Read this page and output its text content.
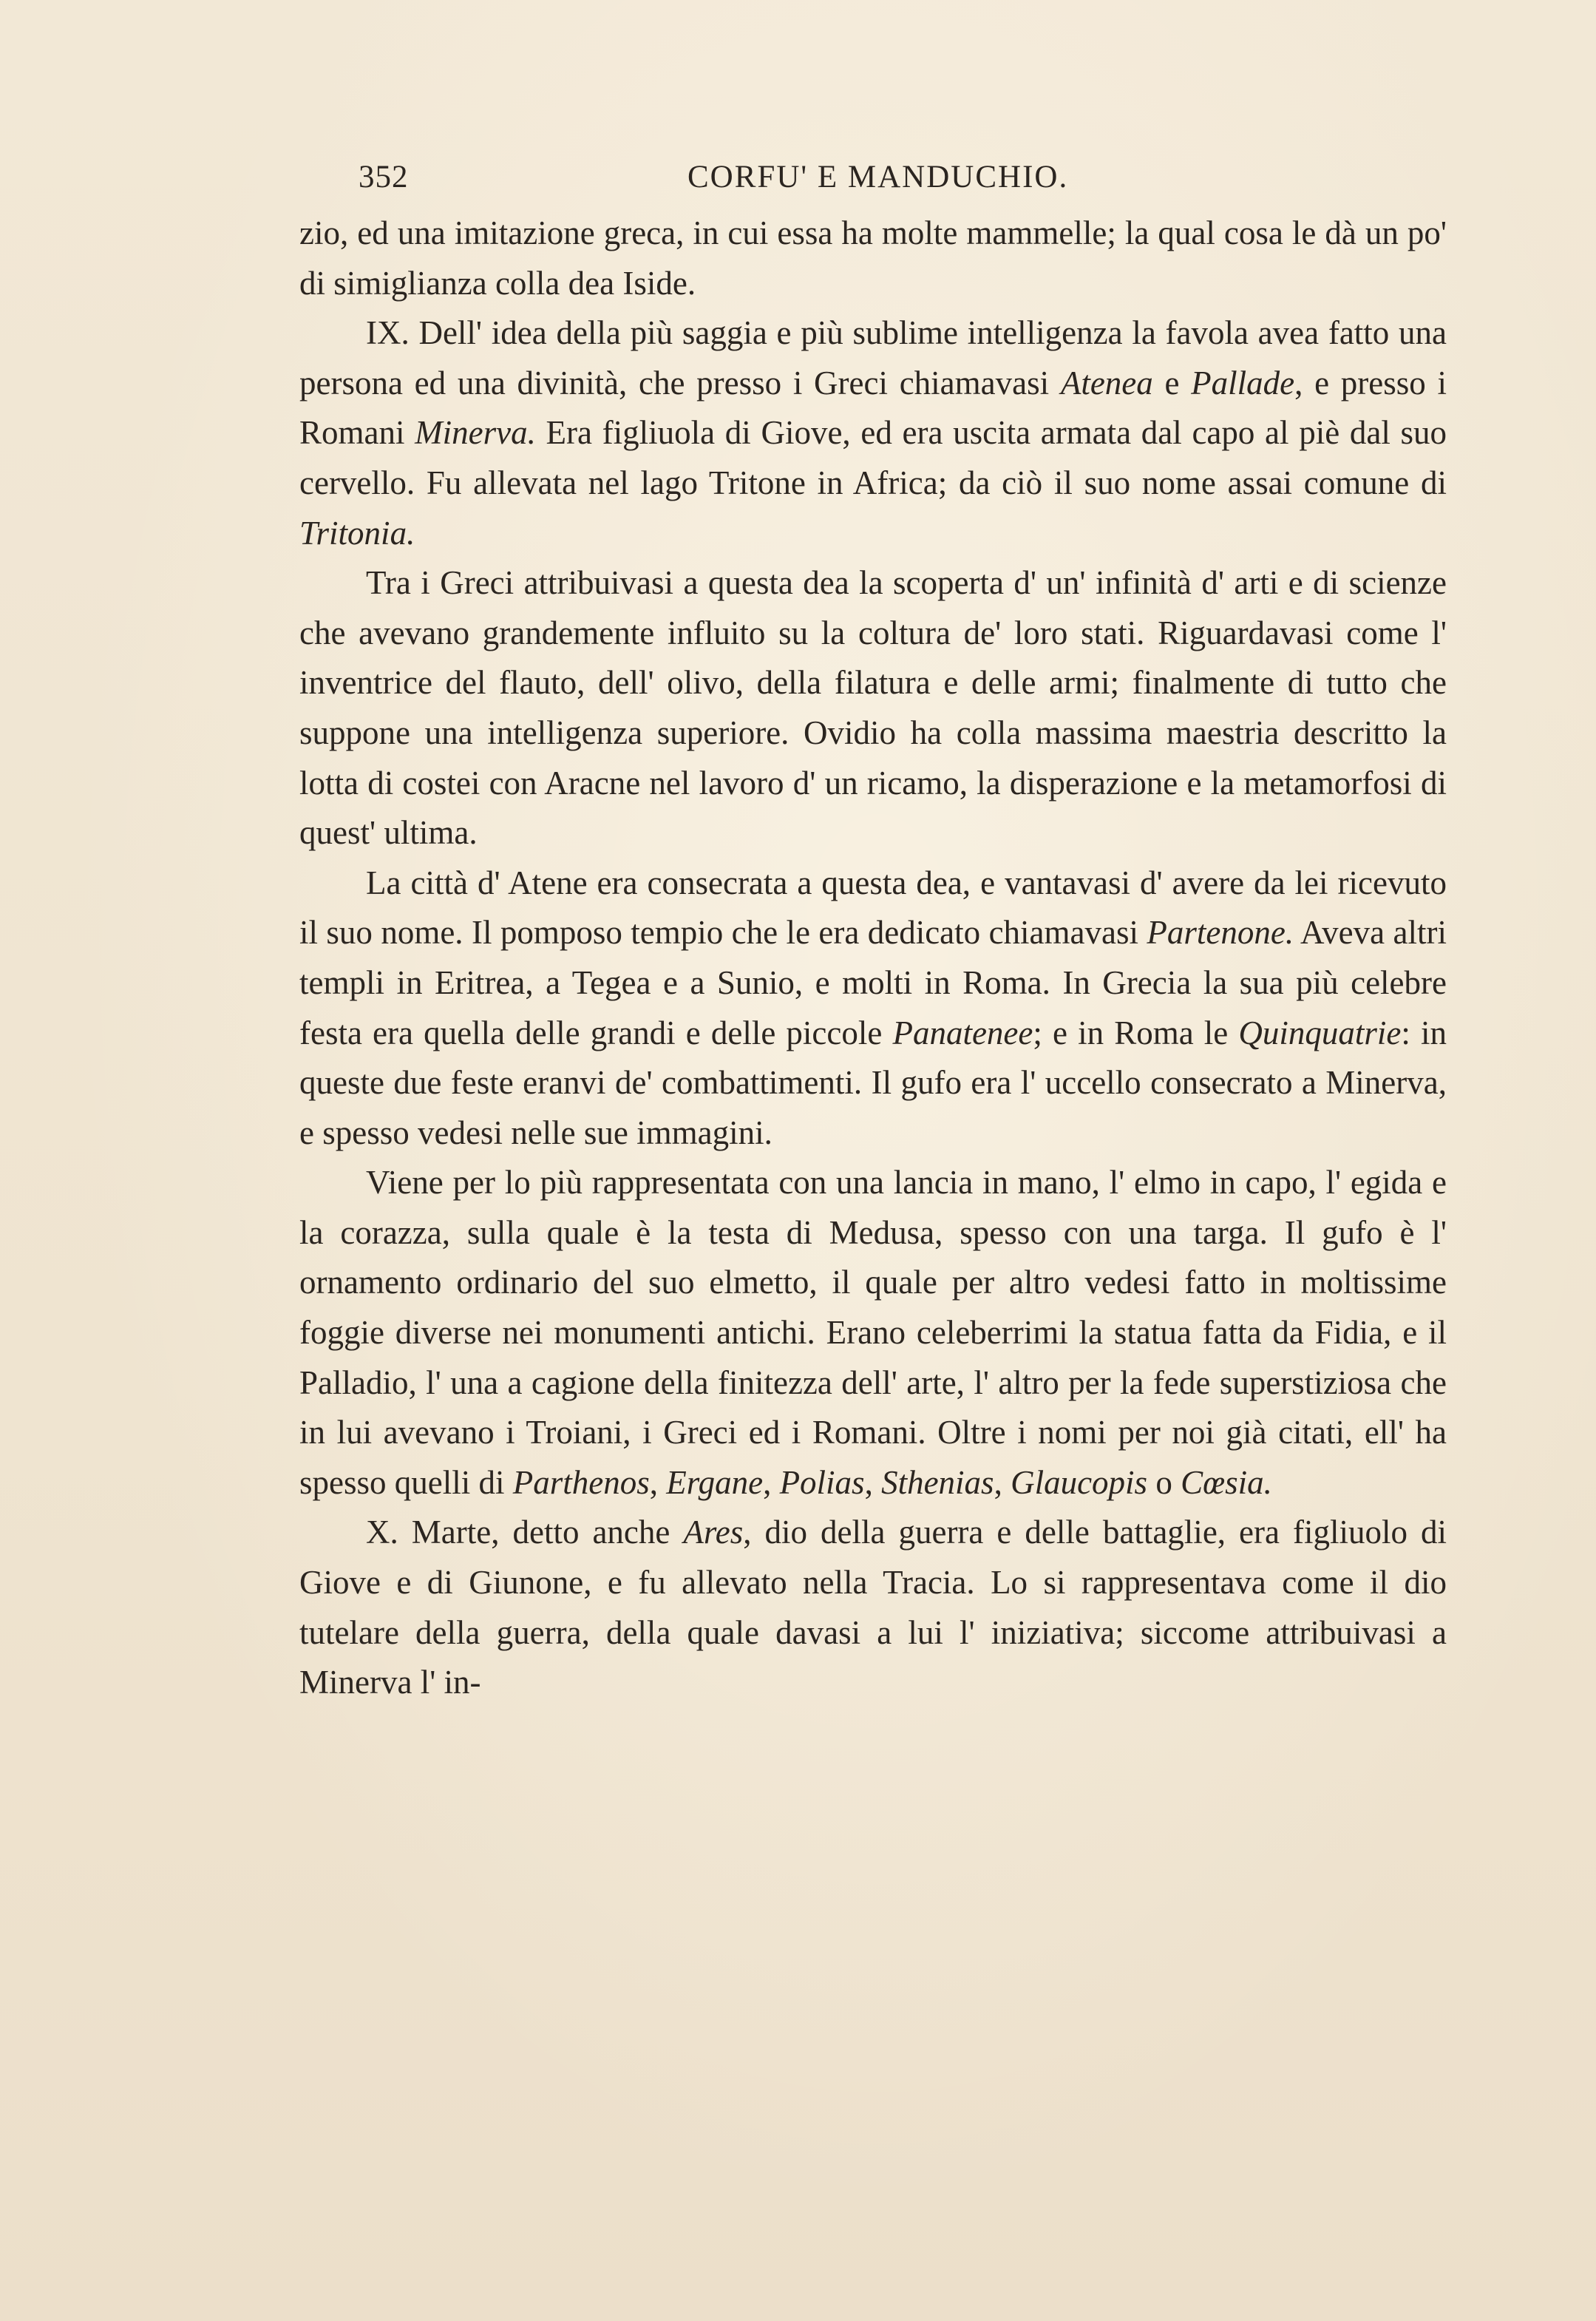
352	CORFU' E MANDUCHIO.

zio, ed una imitazione greca, in cui essa ha molte mammelle; la qual cosa le dà un po' di simiglianza colla dea Iside.

IX. Dell' idea della più saggia e più sublime intelligenza la favola avea fatto una persona ed una divinità, che presso i Greci chiamavasi Atenea e Pallade, e presso i Romani Minerva. Era figliuola di Giove, ed era uscita armata dal capo al piè dal suo cervello. Fu allevata nel lago Tritone in Africa; da ciò il suo nome assai comune di Tritonia.

Tra i Greci attribuivasi a questa dea la scoperta d' un' infinità d' arti e di scienze che avevano grandemente influito su la coltura de' loro stati. Riguardavasi come l' inventrice del flauto, dell' olivo, della filatura e delle armi; finalmente di tutto che suppone una intelligenza superiore. Ovidio ha colla massima maestria descritto la lotta di costei con Aracne nel lavoro d' un ricamo, la disperazione e la metamorfosi di quest' ultima.

La città d' Atene era consecrata a questa dea, e vantavasi d' avere da lei ricevuto il suo nome. Il pomposo tempio che le era dedicato chiamavasi Partenone. Aveva altri templi in Eritrea, a Tegea e a Sunio, e molti in Roma. In Grecia la sua più celebre festa era quella delle grandi e delle piccole Panatenee; e in Roma le Quinquatrie: in queste due feste eranvi de' combattimenti. Il gufo era l' uccello consecrato a Minerva, e spesso vedesi nelle sue immagini.

Viene per lo più rappresentata con una lancia in mano, l' elmo in capo, l' egida e la corazza, sulla quale è la testa di Medusa, spesso con una targa. Il gufo è l' ornamento ordinario del suo elmetto, il quale per altro vedesi fatto in moltissime foggie diverse nei monumenti antichi. Erano celeberrimi la statua fatta da Fidia, e il Palladio, l' una a cagione della finitezza dell' arte, l' altro per la fede superstiziosa che in lui avevano i Troiani, i Greci ed i Romani. Oltre i nomi per noi già citati, ell' ha spesso quelli di Parthenos, Ergane, Polias, Sthenias, Glaucopis o Cœsia.

X. Marte, detto anche Ares, dio della guerra e delle battaglie, era figliuolo di Giove e di Giunone, e fu allevato nella Tracia. Lo si rappresentava come il dio tutelare della guerra, della quale davasi a lui l' iniziativa; siccome attribuivasi a Minerva l' in-
